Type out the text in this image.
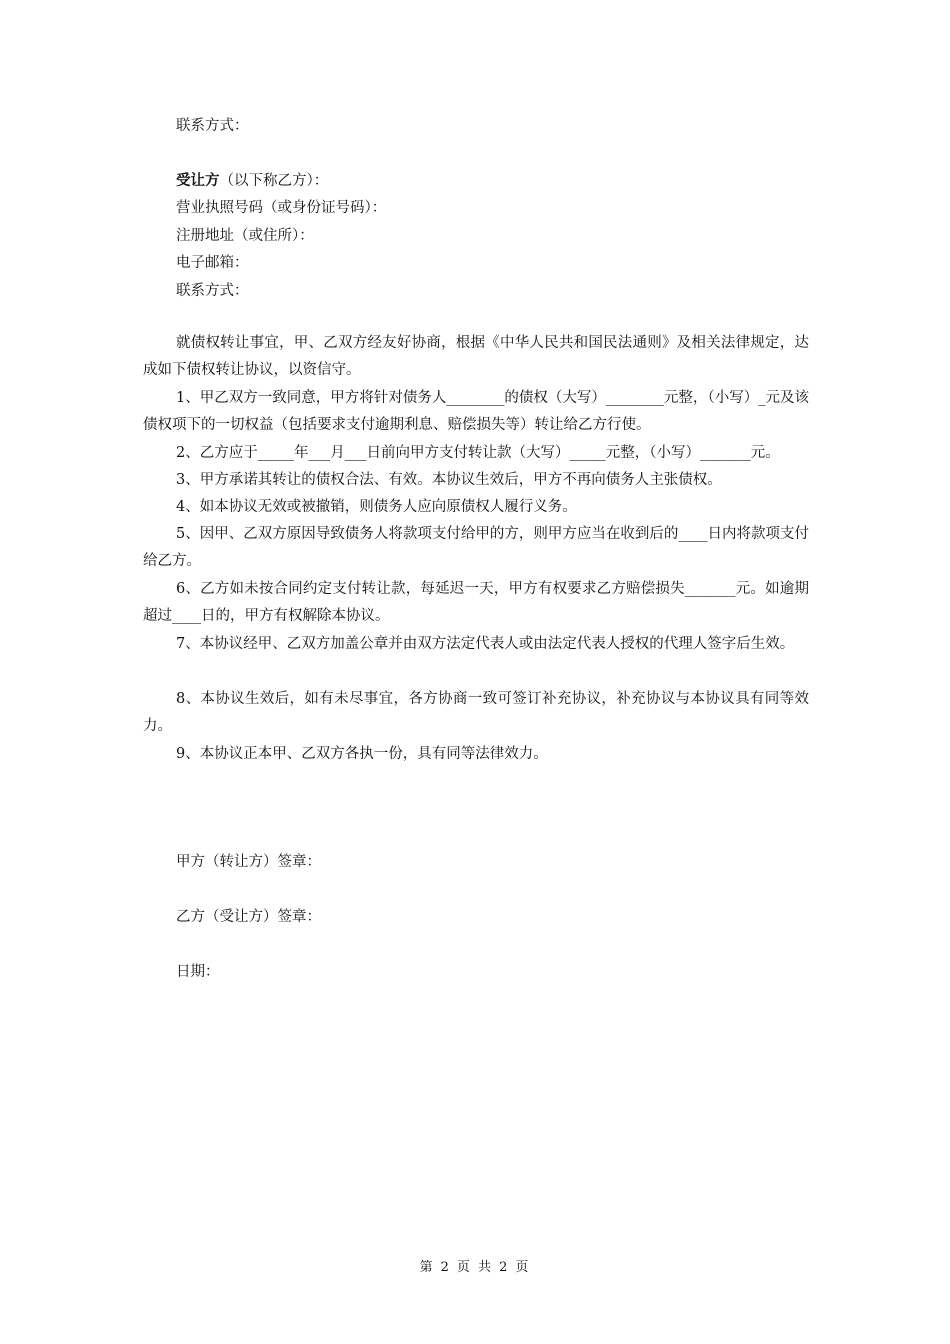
联系方式：
受让方（以下称乙方）：
营业执照号码（或身份证号码）：
注册地址（或住所）：
电子邮箱：
联系方式：

就债权转让事宜，甲、乙双方经友好协商，根据《中华人民共和国民法通则》及相关法律规定，达成如下债权转让协议，以资信守。

1、甲乙双方一致同意，甲方将针对债务人________的债权（大写）________元整，（小写）_元及该债权项下的一切权益（包括要求支付逾期利息、赔偿损失等）转让给乙方行使。

2、乙方应于_____年___月___日前向甲方支付转让款（大写）_____元整，（小写）_______元。

3、甲方承诺其转让的债权合法、有效。本协议生效后，甲方不再向债务人主张债权。

4、如本协议无效或被撤销，则债务人应向原债权人履行义务。

5、因甲、乙双方原因导致债务人将款项支付给甲的方，则甲方应当在收到后的____日内将款项支付给乙方。

6、乙方如未按合同约定支付转让款，每延迟一天，甲方有权要求乙方赔偿损失_______元。如逾期超过____日的，甲方有权解除本协议。

7、本协议经甲、乙双方加盖公章并由双方法定代表人或由法定代表人授权的代理人签字后生效。

8、本协议生效后，如有未尽事宜，各方协商一致可签订补充协议，补充协议与本协议具有同等效力。

9、本协议正本甲、乙双方各执一份，具有同等法律效力。

甲方（转让方）签章：
乙方（受让方）签章：
日期：
第 2 页 共 2 页
